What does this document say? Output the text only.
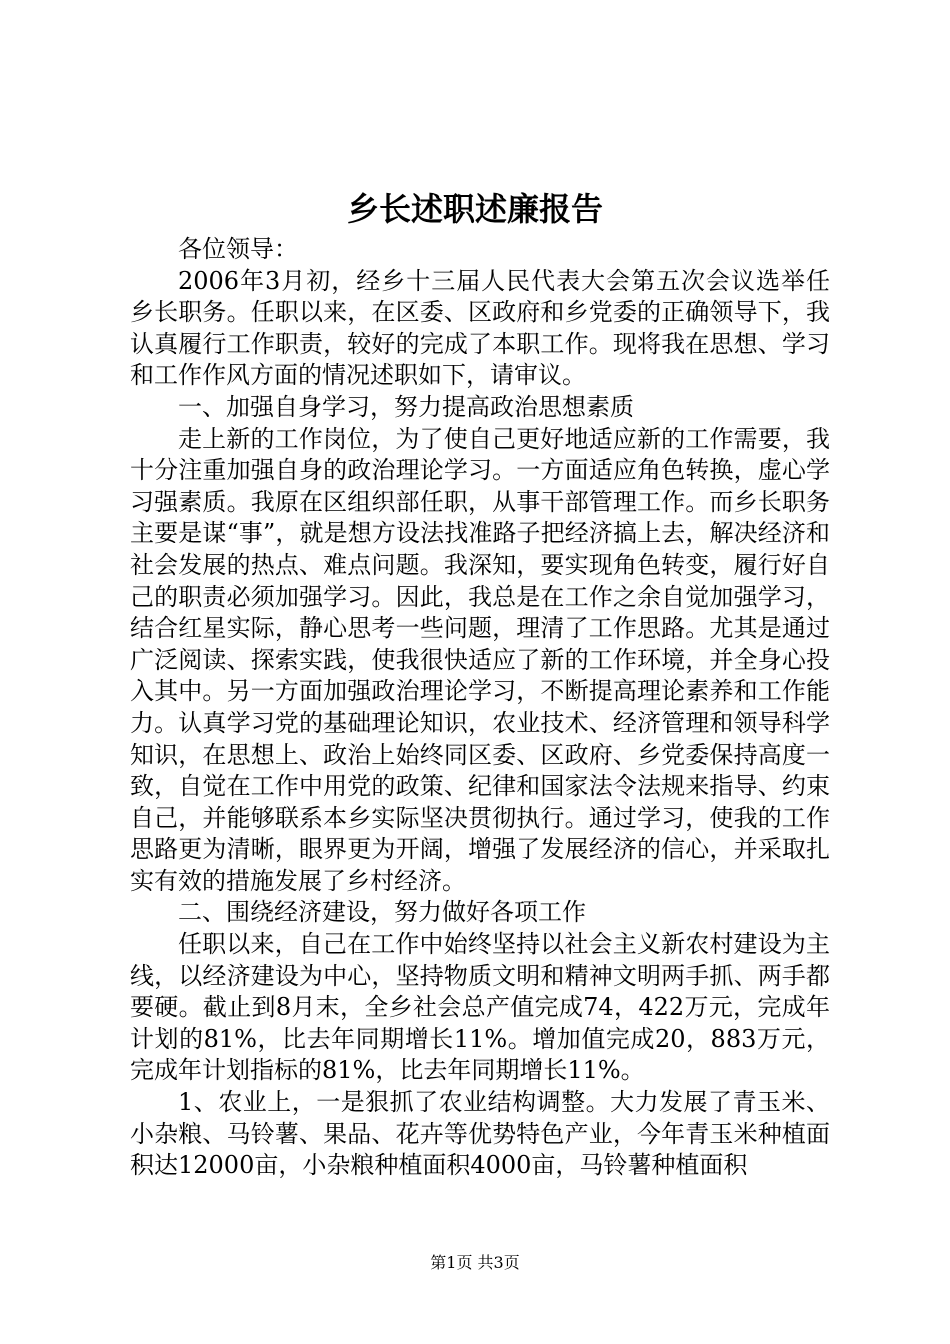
乡长述职述廉报告

各位领导：

2006年3月初，经乡十三届人民代表大会第五次会议选举任乡长职务。任职以来，在区委、区政府和乡党委的正确领导下，我认真履行工作职责，较好的完成了本职工作。现将我在思想、学习和工作作风方面的情况述职如下，请审议。

一、加强自身学习，努力提高政治思想素质

走上新的工作岗位，为了使自己更好地适应新的工作需要，我十分注重加强自身的政治理论学习。一方面适应角色转换，虚心学习强素质。我原在区组织部任职，从事干部管理工作。而乡长职务主要是谋“事”，就是想方设法找准路子把经济搞上去，解决经济和社会发展的热点、难点问题。我深知，要实现角色转变，履行好自己的职责必须加强学习。因此，我总是在工作之余自觉加强学习，结合红星实际，静心思考一些问题，理清了工作思路。尤其是通过广泛阅读、探索实践，使我很快适应了新的工作环境，并全身心投入其中。另一方面加强政治理论学习，不断提高理论素养和工作能力。认真学习党的基础理论知识，农业技术、经济管理和领导科学知识，在思想上、政治上始终同区委、区政府、乡党委保持高度一致，自觉在工作中用党的政策、纪律和国家法令法规来指导、约束自己，并能够联系本乡实际坚决贯彻执行。通过学习，使我的工作思路更为清晰，眼界更为开阔，增强了发展经济的信心，并采取扎实有效的措施发展了乡村经济。

二、围绕经济建设，努力做好各项工作

任职以来，自己在工作中始终坚持以社会主义新农村建设为主线，以经济建设为中心，坚持物质文明和精神文明两手抓、两手都要硬。截止到8月末，全乡社会总产值完成74，422万元，完成年计划的81%，比去年同期增长11%。增加值完成20，883万元，完成年计划指标的81%，比去年同期增长11%。

1、农业上，一是狠抓了农业结构调整。大力发展了青玉米、小杂粮、马铃薯、果品、花卉等优势特色产业，今年青玉米种植面积达12000亩，小杂粮种植面积4000亩，马铃薯种植面积

第1页 共3页
